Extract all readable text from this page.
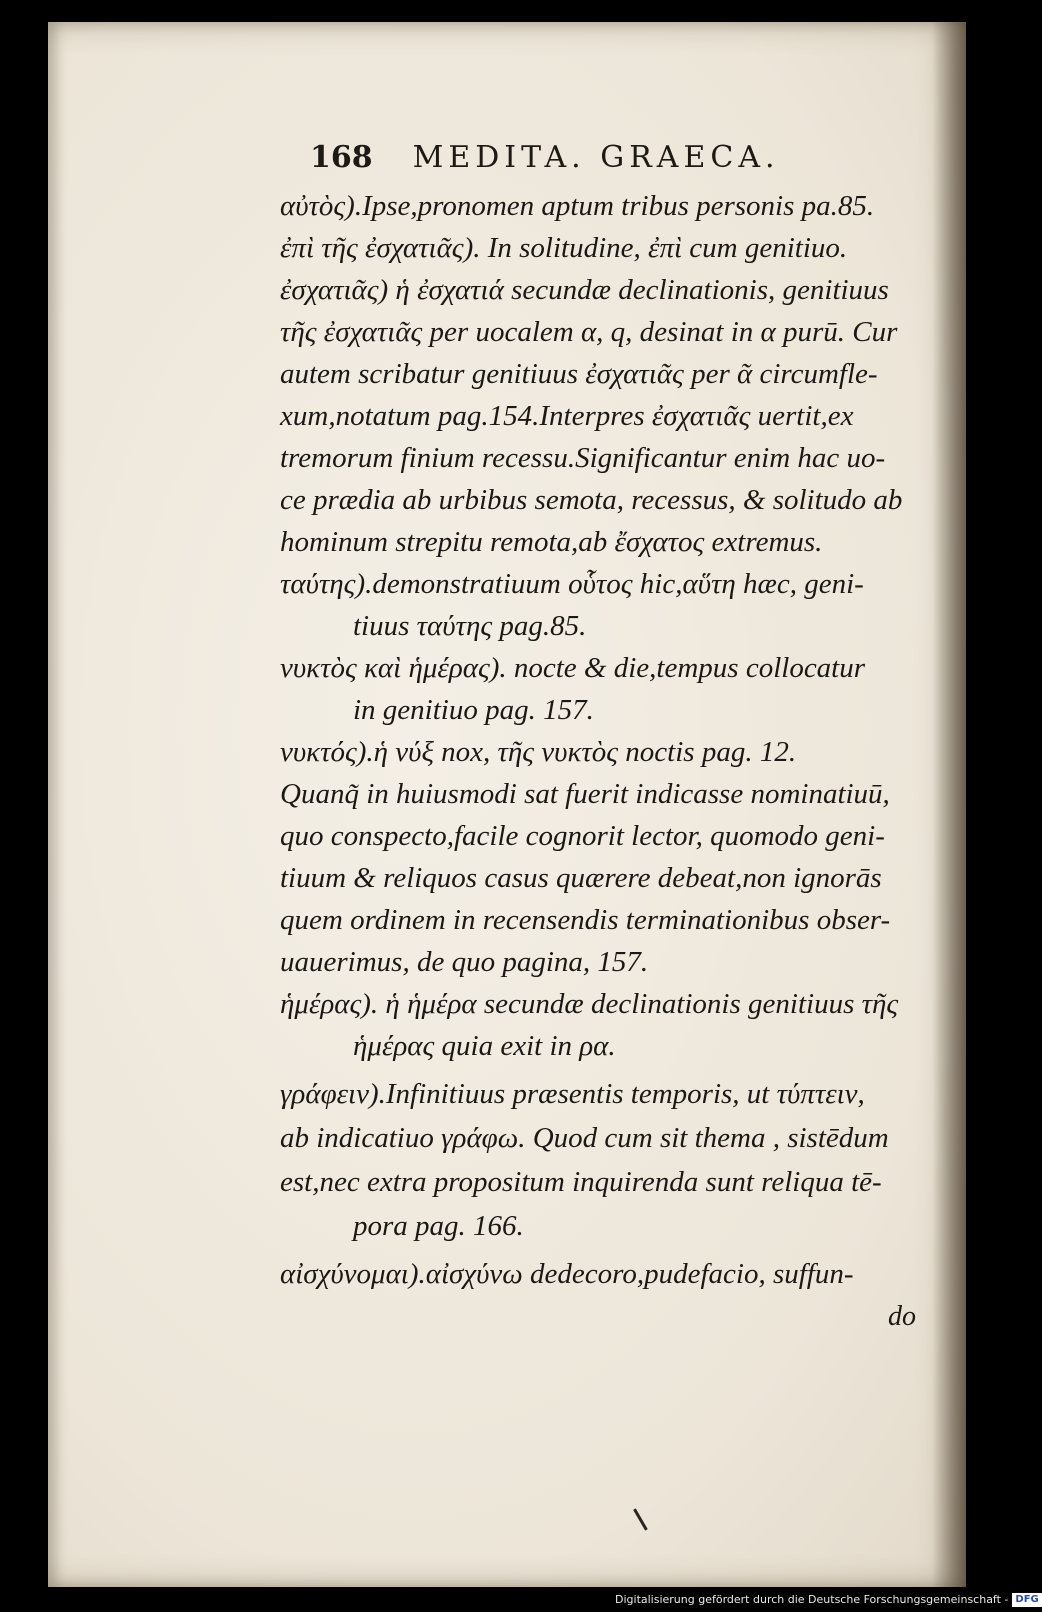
168 MEDITA. GRAECA.
αὐτὸς).Ipse,pronomen aptum tribus personis pa.85.
ἐπὶ τῆς ἐσχατιᾶς). In solitudine, ἐπὶ cum genitiuo.
ἐσχατιᾶς) ἡ ἐσχατιά secundæ declinationis, genitiuus
τῆς ἐσχατιᾶς per uocalem α, q, desinat in α purū. Cur
autem scribatur genitiuus ἐσχατιᾶς per ᾶ circumfle-
xum,notatum pag.154.Interpres ἐσχατιᾶς uertit,ex
tremorum finium recessu.Significantur enim hac uo-
ce prædia ab urbibus semota, recessus, & solitudo ab
hominum strepitu remota,ab ἔσχατος extremus.
ταύτης).demonstratiuum οὗτος hic,αὕτη hæc, geni-
tiuus ταύτης pag.85.
νυκτὸς καὶ ἡμέρας). nocte & die,tempus collocatur
in genitiuo pag. 157.
νυκτός).ἡ νύξ nox, τῆς νυκτὸς noctis pag. 12.
Quanq̃ in huiusmodi sat fuerit indicasse nominatiuū,
quo conspecto,facile cognorit lector, quomodo geni-
tiuum & reliquos casus quærere debeat,non ignorās
quem ordinem in recensendis terminationibus obser-
uauerimus, de quo pagina, 157.
ἡμέρας). ἡ ἡμέρα secundæ declinationis genitiuus τῆς
ἡμέρας quia exit in ρα.
γράφειν).Infinitiuus præsentis temporis, ut τύπτειν,
ab indicatiuo γράφω. Quod cum sit thema , sistēdum
est,nec extra propositum inquirenda sunt reliqua tē-
pora pag. 166.
αἰσχύνομαι).αἰσχύνω dedecoro,pudefacio, suffun-
do
Digitalisierung gefördert durch die Deutsche Forschungsgemeinschaft - DFG
